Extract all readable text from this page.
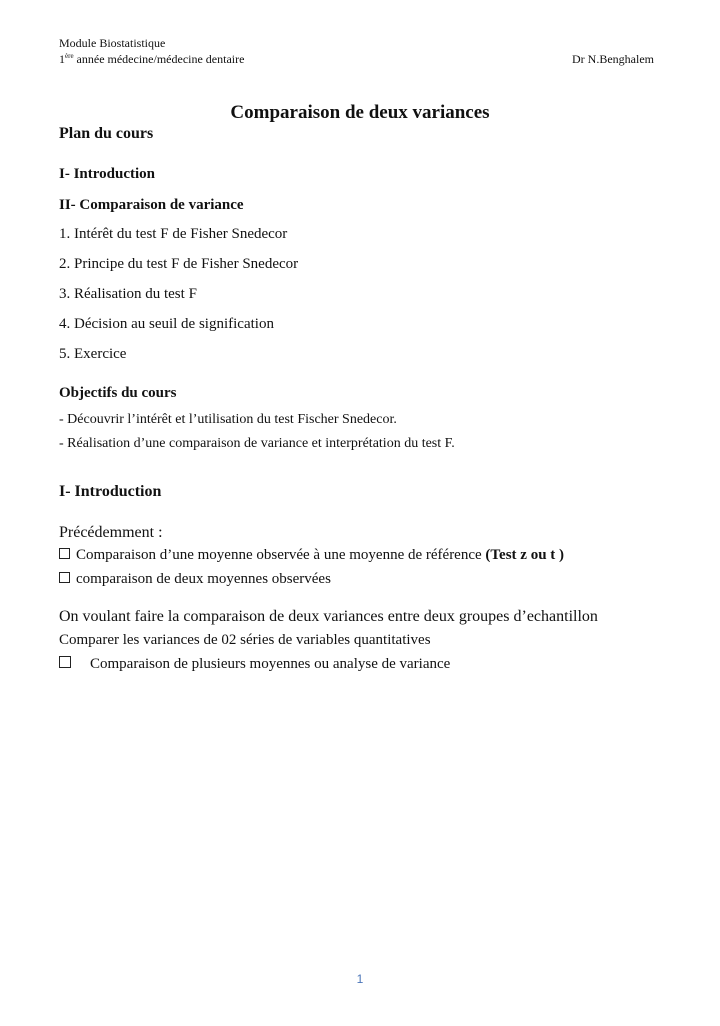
Module Biostatistique
1ère année médecine/médecine dentaire	Dr N.Benghalem
Comparaison de deux variances
Plan du cours
I- Introduction
II- Comparaison de variance
1. Intérêt du test F de Fisher Snedecor
2. Principe du test F de Fisher Snedecor
3. Réalisation du test F
4. Décision au seuil de signification
5. Exercice
Objectifs du cours
- Découvrir l’intérêt et l’utilisation du test Fischer Snedecor.
- Réalisation d’une comparaison de variance et interprétation du test F.
I- Introduction
Précédemment :
Comparaison d’une moyenne observée à une moyenne de référence (Test z ou t )
comparaison de deux moyennes observées
On voulant faire la comparaison de deux variances entre deux groupes d’echantillon
Comparer les variances de 02 séries de variables quantitatives
Comparaison de plusieurs moyennes ou analyse de variance
1
